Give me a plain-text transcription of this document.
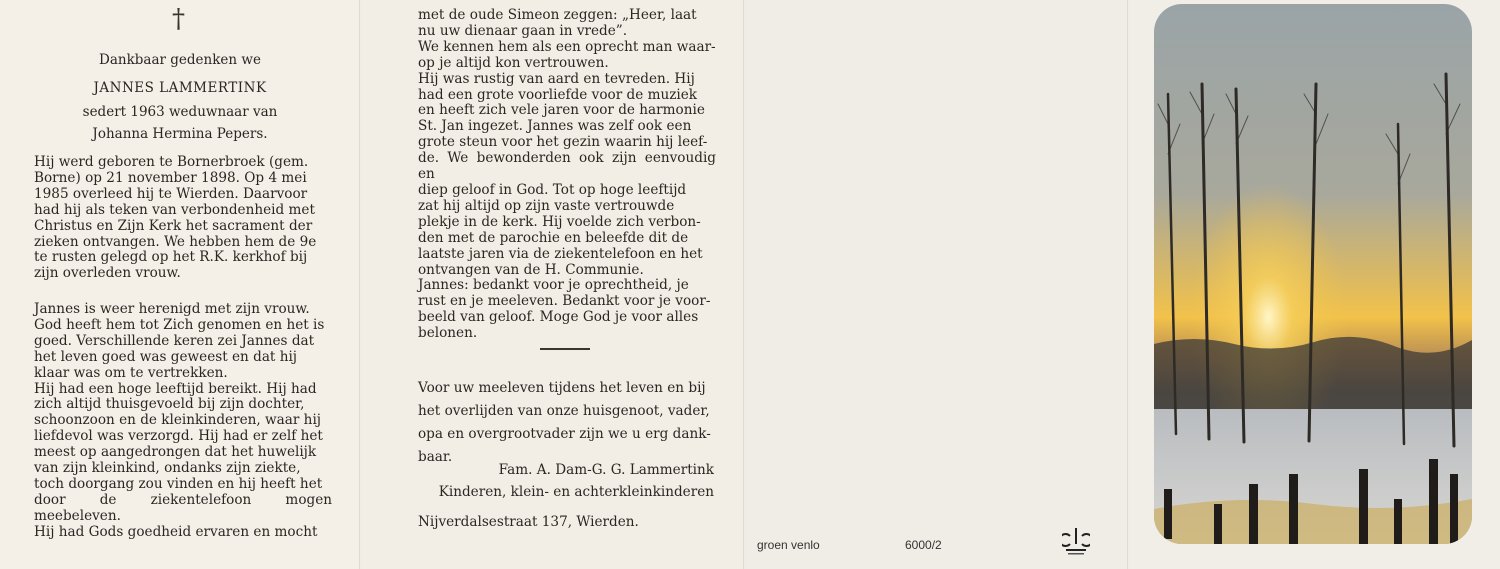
†
Dankbaar gedenken we
JANNES LAMMERTINK
sedert 1963 weduwnaar van
Johanna Hermina Pepers.

Hij werd geboren te Bornerbroek (gem.
Borne) op 21 november 1898. Op 4 mei
1985 overleed hij te Wierden. Daarvoor
had hij als teken van verbondenheid met
Christus en Zijn Kerk het sacrament der
zieken ontvangen. We hebben hem de 9e
te rusten gelegd op het R.K. kerkhof bij
zijn overleden vrouw.

Jannes is weer herenigd met zijn vrouw.
God heeft hem tot Zich genomen en het is
goed. Verschillende keren zei Jannes dat
het leven goed was geweest en dat hij
klaar was om te vertrekken.
Hij had een hoge leeftijd bereikt. Hij had
zich altijd thuisgevoeld bij zijn dochter,
schoonzoon en de kleinkinderen, waar hij
liefdevol was verzorgd. Hij had er zelf het
meest op aangedrongen dat het huwelijk
van zijn kleinkind, ondanks zijn ziekte,
toch doorgang zou vinden en hij heeft het
door de ziekentelefoon mogen meebeleven.
Hij had Gods goedheid ervaren en mocht

met de oude Simeon zeggen: „Heer, laat
nu uw dienaar gaan in vrede”.
We kennen hem als een oprecht man waar-
op je altijd kon vertrouwen.
Hij was rustig van aard en tevreden. Hij
had een grote voorliefde voor de muziek
en heeft zich vele jaren voor de harmonie
St. Jan ingezet. Jannes was zelf ook een
grote steun voor het gezin waarin hij leef-
de. We bewonderden ook zijn eenvoudig en
diep geloof in God. Tot op hoge leeftijd
zat hij altijd op zijn vaste vertrouwde
plekje in de kerk. Hij voelde zich verbon-
den met de parochie en beleefde dit de
laatste jaren via de ziekentelefoon en het
ontvangen van de H. Communie.
Jannes: bedankt voor je oprechtheid, je
rust en je meeleven. Bedankt voor je voor-
beeld van geloof. Moge God je voor alles
belonen.

Voor uw meeleven tijdens het leven en bij
het overlijden van onze huisgenoot, vader,
opa en overgrootvader zijn we u erg dank-
baar.

Fam. A. Dam-G. G. Lammertink
Kinderen, klein- en achterkleinkinderen
Nijverdalsestraat 137, Wierden.
groen venlo	6000/2
